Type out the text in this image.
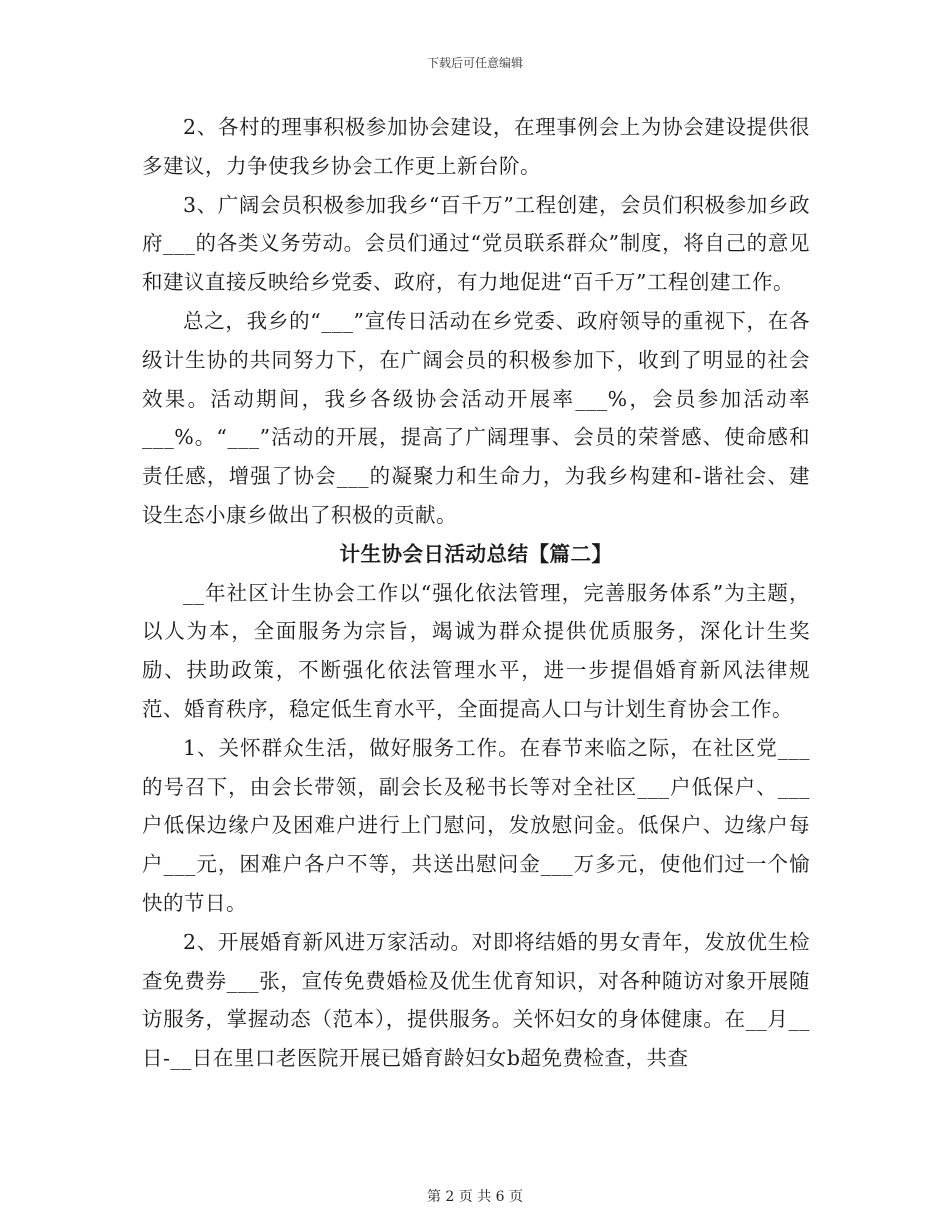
下载后可任意编辑

2、各村的理事积极参加协会建设，在理事例会上为协会建设提供很多建议，力争使我乡协会工作更上新台阶。

3、广阔会员积极参加我乡“百千万”工程创建，会员们积极参加乡政府___的各类义务劳动。会员们通过“党员联系群众”制度，将自己的意见和建议直接反映给乡党委、政府，有力地促进“百千万”工程创建工作。

总之，我乡的“___”宣传日活动在乡党委、政府领导的重视下，在各级计生协的共同努力下，在广阔会员的积极参加下，收到了明显的社会效果。活动期间，我乡各级协会活动开展率___%，会员参加活动率___%。“___”活动的开展，提高了广阔理事、会员的荣誉感、使命感和责任感，增强了协会___的凝聚力和生命力，为我乡构建和-谐社会、建设生态小康乡做出了积极的贡献。

计生协会日活动总结【篇二】

__年社区计生协会工作以“强化依法管理，完善服务体系”为主题，以人为本，全面服务为宗旨，竭诚为群众提供优质服务，深化计生奖励、扶助政策，不断强化依法管理水平，进一步提倡婚育新风法律规范、婚育秩序，稳定低生育水平，全面提高人口与计划生育协会工作。

1、关怀群众生活，做好服务工作。在春节来临之际，在社区党___的号召下，由会长带领，副会长及秘书长等对全社区___户低保户、___户低保边缘户及困难户进行上门慰问，发放慰问金。低保户、边缘户每户___元，困难户各户不等，共送出慰问金___万多元，使他们过一个愉快的节日。

2、开展婚育新风进万家活动。对即将结婚的男女青年，发放优生检查免费券___张，宣传免费婚检及优生优育知识，对各种随访对象开展随访服务，掌握动态（范本），提供服务。关怀妇女的身体健康。在__月__日-__日在里口老医院开展已婚育龄妇女b超免费检查，共查

第 2 页 共 6 页
